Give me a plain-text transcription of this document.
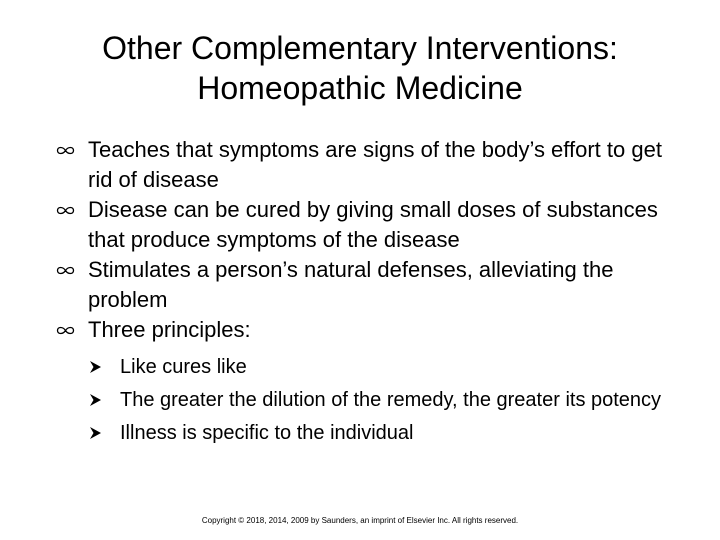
Other Complementary Interventions:
Homeopathic Medicine
Teaches that symptoms are signs of the body’s effort to get rid of disease
Disease can be cured by giving small doses of substances that produce symptoms of the disease
Stimulates a person’s natural defenses, alleviating the problem
Three principles:
Like cures like
The greater the dilution of the remedy, the greater its potency
Illness is specific to the individual
Copyright © 2018, 2014, 2009 by Saunders, an imprint of Elsevier Inc. All rights reserved.
